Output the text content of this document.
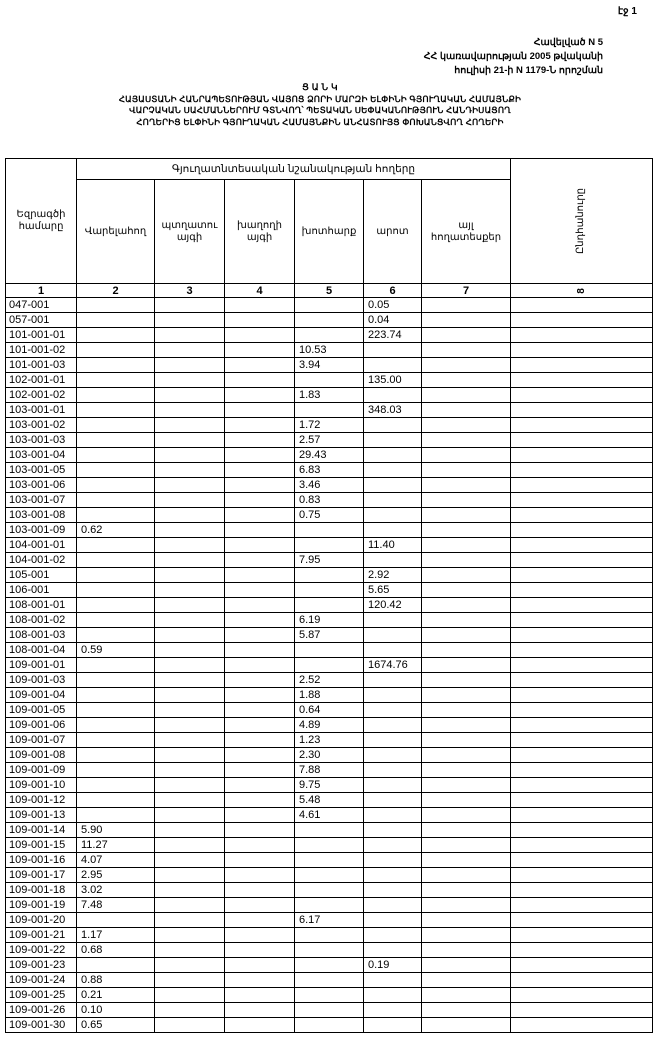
էջ 1
Հավելված N 5
ՀՀ կառավարության 2005 թվականի
հուլիսի 21-ի N 1179-Ն որոշման
Ց Ա Ն Կ
ՀԱՅԱՍՏԱՆԻ ՀԱՆՐԱՊԵՏՈՒԹՅԱՆ ՎԱՅՈՑ ՁՈՐԻ ՄԱՐԶԻ ԵԼՓԻՆԻ ԳՅՈՒՂԱԿԱՆ ՀԱՄԱՅՆՔԻ
ՎԱՐՉԱԿԱՆ ՍԱՀՄԱՆՆԵՐՈՒՄ ԳՏՆՎՈՂ՝ ՊԵՏԱԿԱՆ ՍԵՓԱԿԱՆՈՒԹՅՈՒՆ ՀԱՆԴԻՍԱՑՈՂ
ՀՈՂԵՐԻՑ ԵԼՓԻՆԻ ԳՅՈՒՂԱԿԱՆ ՀԱՄԱՅՆՔԻՆ ԱՆՀԱՏՈՒՅՑ ՓՈԽԱՆՑՎՈՂ ՀՈՂԵՐԻ
Եզրագծի համարը	Գյուղատնտեսական նշանակության հողերը						Ընդհանուրը
	Վարելահող	պտղատու այգի	խաղողի այգի	խոտհարք	արոտ	այլ հողատեսքեր	
1	2	3	4	5	6	7	8
047-001					0.05		
057-001					0.04		
101-001-01					223.74		
101-001-02				10.53			
101-001-03				3.94			
102-001-01					135.00		
102-001-02				1.83			
103-001-01					348.03		
103-001-02				1.72			
103-001-03				2.57			
103-001-04				29.43			
103-001-05				6.83			
103-001-06				3.46			
103-001-07				0.83			
103-001-08				0.75			
103-001-09	0.62						
104-001-01					11.40		
104-001-02				7.95			
105-001					2.92		
106-001					5.65		
108-001-01					120.42		
108-001-02				6.19			
108-001-03				5.87			
108-001-04	0.59						
109-001-01					1674.76		
109-001-03				2.52			
109-001-04				1.88			
109-001-05				0.64			
109-001-06				4.89			
109-001-07				1.23			
109-001-08				2.30			
109-001-09				7.88			
109-001-10				9.75			
109-001-12				5.48			
109-001-13				4.61			
109-001-14	5.90						
109-001-15	11.27						
109-001-16	4.07						
109-001-17	2.95						
109-001-18	3.02						
109-001-19	7.48						
109-001-20				6.17			
109-001-21	1.17						
109-001-22	0.68						
109-001-23					0.19		
109-001-24	0.88						
109-001-25	0.21						
109-001-26	0.10						
109-001-30	0.65						
